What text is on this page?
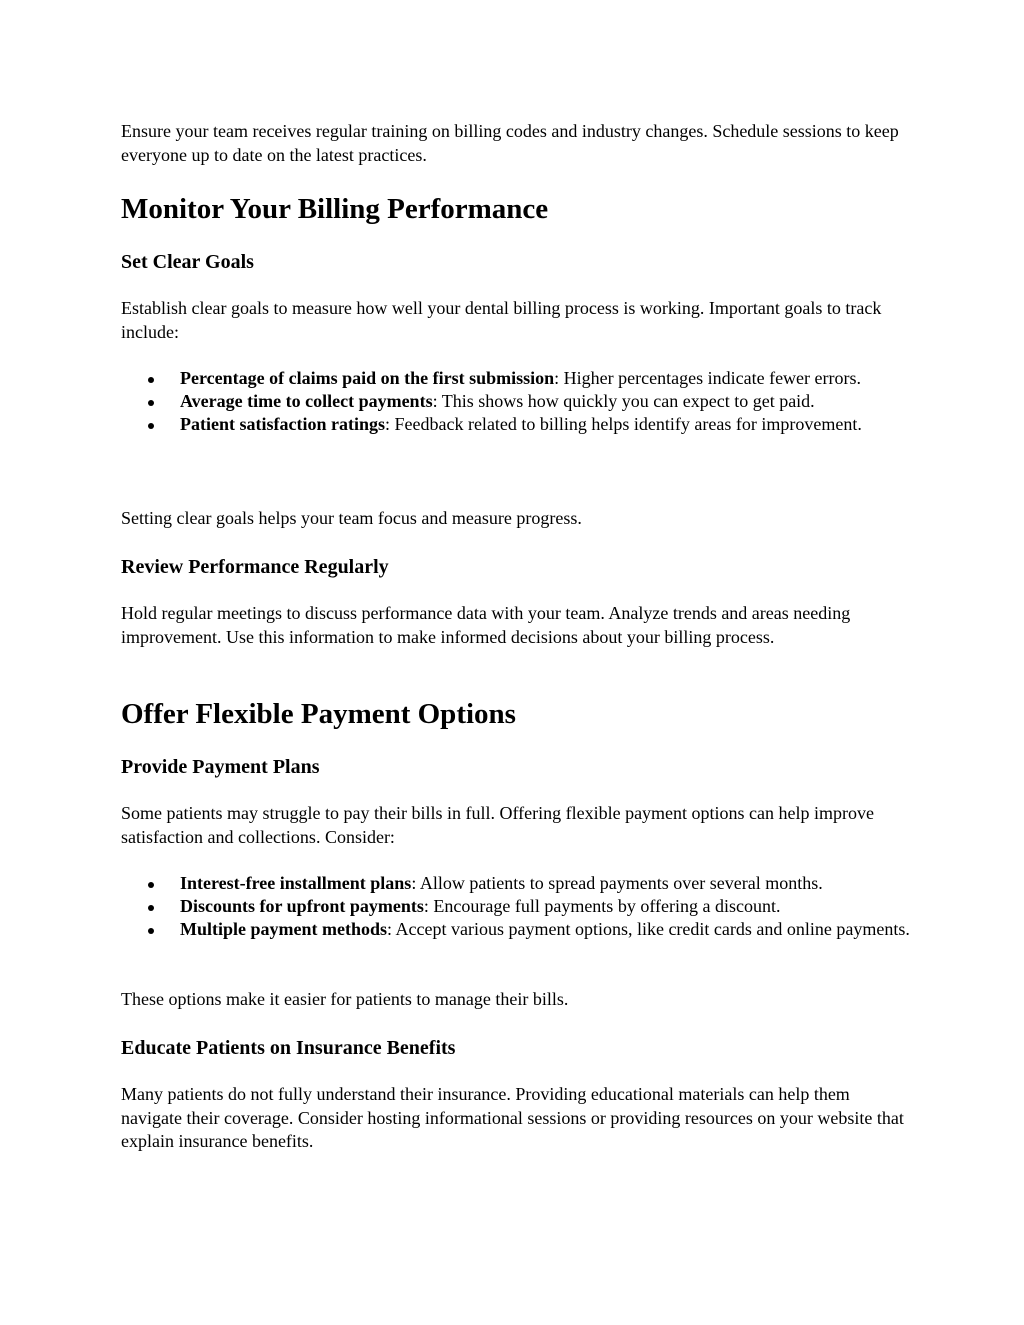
Ensure your team receives regular training on billing codes and industry changes. Schedule sessions to keep everyone up to date on the latest practices.

Monitor Your Billing Performance
Set Clear Goals

Establish clear goals to measure how well your dental billing process is working. Important goals to track include:

Percentage of claims paid on the first submission: Higher percentages indicate fewer errors.
Average time to collect payments: This shows how quickly you can expect to get paid.
Patient satisfaction ratings: Feedback related to billing helps identify areas for improvement.

Setting clear goals helps your team focus and measure progress.

Review Performance Regularly

Hold regular meetings to discuss performance data with your team. Analyze trends and areas needing improvement. Use this information to make informed decisions about your billing process.

Offer Flexible Payment Options
Provide Payment Plans

Some patients may struggle to pay their bills in full. Offering flexible payment options can help improve satisfaction and collections. Consider:

Interest-free installment plans: Allow patients to spread payments over several months.
Discounts for upfront payments: Encourage full payments by offering a discount.
Multiple payment methods: Accept various payment options, like credit cards and online payments.

These options make it easier for patients to manage their bills.

Educate Patients on Insurance Benefits

Many patients do not fully understand their insurance. Providing educational materials can help them navigate their coverage. Consider hosting informational sessions or providing resources on your website that explain insurance benefits.
